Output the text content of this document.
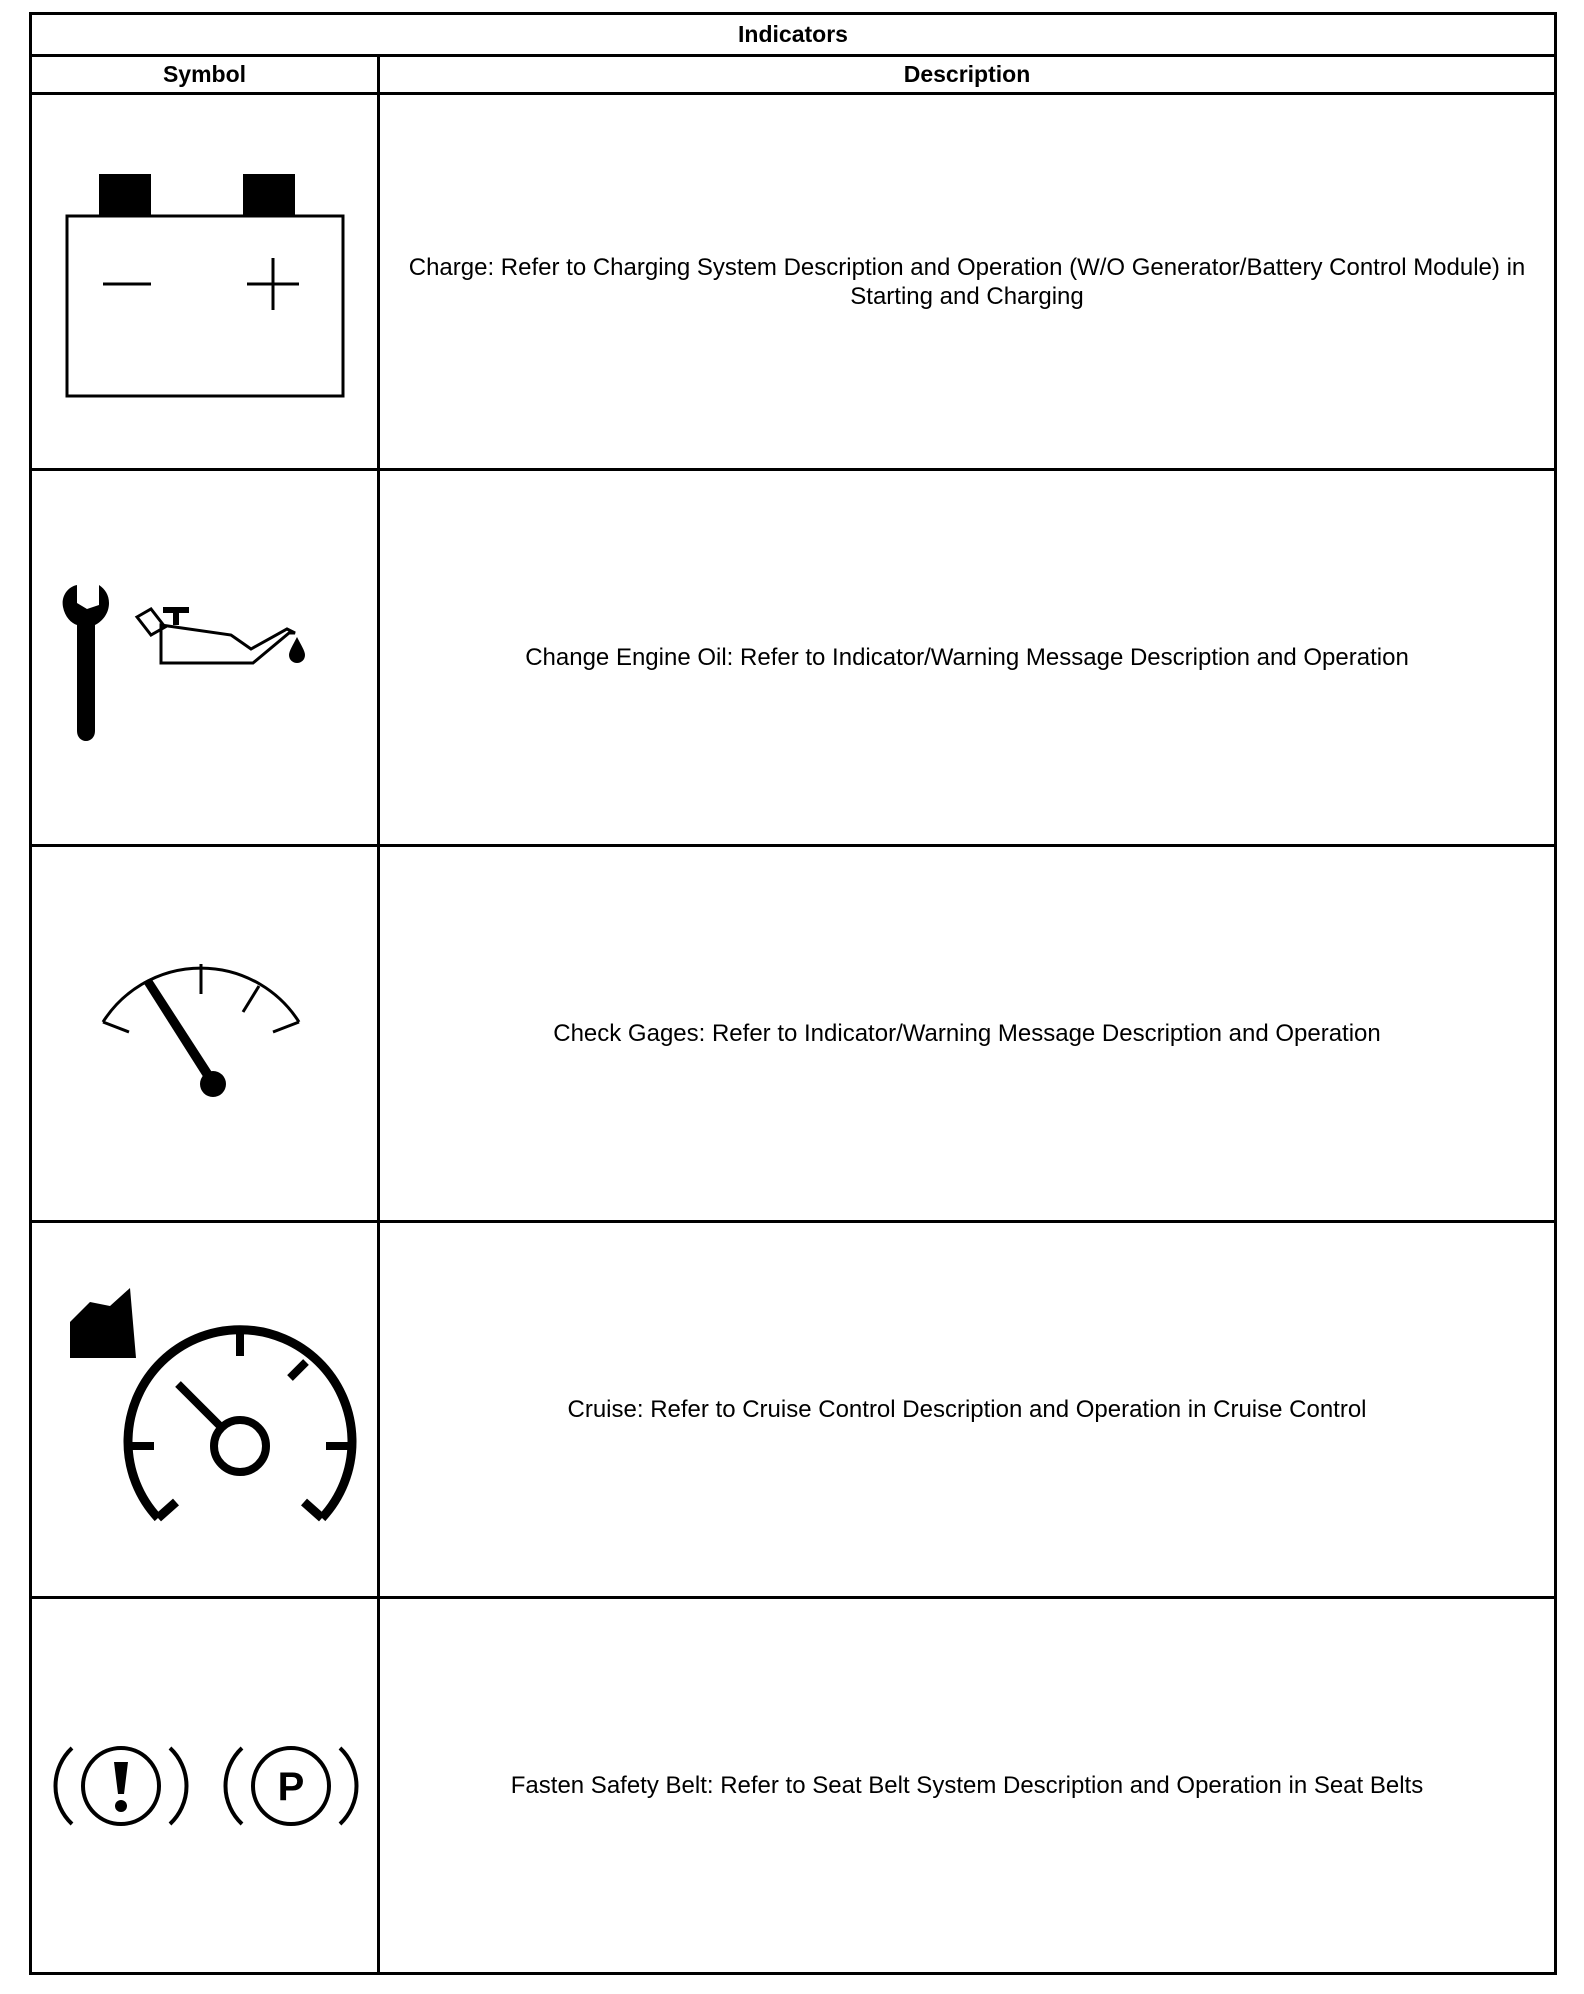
Indicators	
Symbol	Description

	Charge: Refer to Charging System Description and Operation (W/O Generator/Battery Control Module) in Starting and Charging

	Change Engine Oil: Refer to Indicator/Warning Message Description and Operation

	Check Gages: Refer to Indicator/Warning Message Description and Operation

	Cruise: Refer to Cruise Control Description and Operation in Cruise Control

P	Fasten Safety Belt: Refer to Seat Belt System Description and Operation in Seat Belts
